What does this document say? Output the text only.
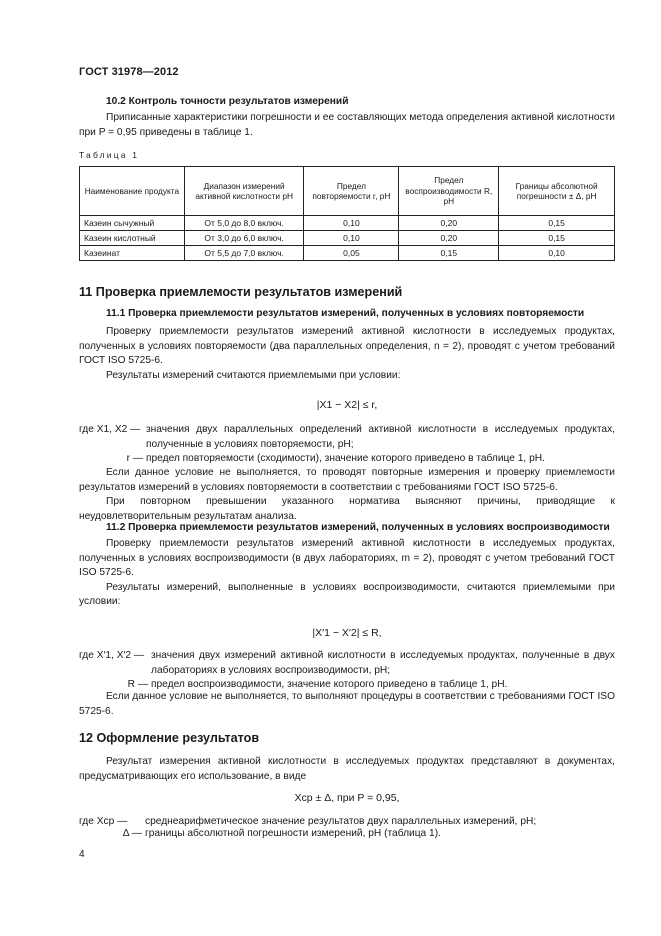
ГОСТ 31978—2012
10.2 Контроль точности результатов измерений

Приписанные характеристики погрешности и ее составляющих метода определения активной кислотности при P = 0,95 приведены в таблице 1.

Таблица 1
Наименование продукта	Диапазон измерений активной кислотности pH	Предел повторяемости r, pH	Предел воспроизводимости R, pH	Границы абсолютной погрешности ± Δ, pH
Казеин сычужный	От 5,0 до 8,0 включ.	0,10	0,20	0,15
Казеин кислотный	От 3,0 до 6,0 включ.	0,10	0,20	0,15
Казеинат	От 5,5 до 7,0 включ.	0,05	0,15	0,10
11 Проверка приемлемости результатов измерений
11.1 Проверка приемлемости результатов измерений, полученных в условиях повторяемости

Проверку приемлемости результатов измерений активной кислотности в исследуемых продуктах, полученных в условиях повторяемости (два параллельных определения, n = 2), проводят с учетом требований ГОСТ ISO 5725-6.

Результаты измерений считаются приемлемыми при условии:

|X1 − X2| ≤ r,
где X1, X2 — значения двух параллельных определений активной кислотности в исследуемых продуктах, полученные в условиях повторяемости, pH;
r — предел повторяемости (сходимости), значение которого приведено в таблице 1, pH.

Если данное условие не выполняется, то проводят повторные измерения и проверку приемлемости результатов измерений в условиях повторяемости в соответствии с требованиями ГОСТ ISO 5725-6.

При повторном превышении указанного норматива выясняют причины, приводящие к неудовлетворительным результатам анализа.

11.2 Проверка приемлемости результатов измерений, полученных в условиях воспроизводимости

Проверку приемлемости результатов измерений активной кислотности в исследуемых продуктах, полученных в условиях воспроизводимости (в двух лабораториях, m = 2), проводят с учетом требований ГОСТ ISO 5725-6.

Результаты измерений, выполненные в условиях воспроизводимости, считаются приемлемыми при условии:

|X′1 − X′2| ≤ R,
где X′1, X′2 — значения двух измерений активной кислотности в исследуемых продуктах, полученные в двух лабораториях в условиях воспроизводимости, pH;
R — предел воспроизводимости, значение которого приведено в таблице 1, pH.

Если данное условие не выполняется, то выполняют процедуры в соответствии с требованиями ГОСТ ISO 5725-6.

12 Оформление результатов

Результат измерения активной кислотности в исследуемых продуктах представляют в документах, предусматривающих его использование, в виде

Xср ± Δ, при P = 0,95,
где Xср — среднеарифметическое значение результатов двух параллельных измерений, pH;
Δ — границы абсолютной погрешности измерений, pH (таблица 1).
4
